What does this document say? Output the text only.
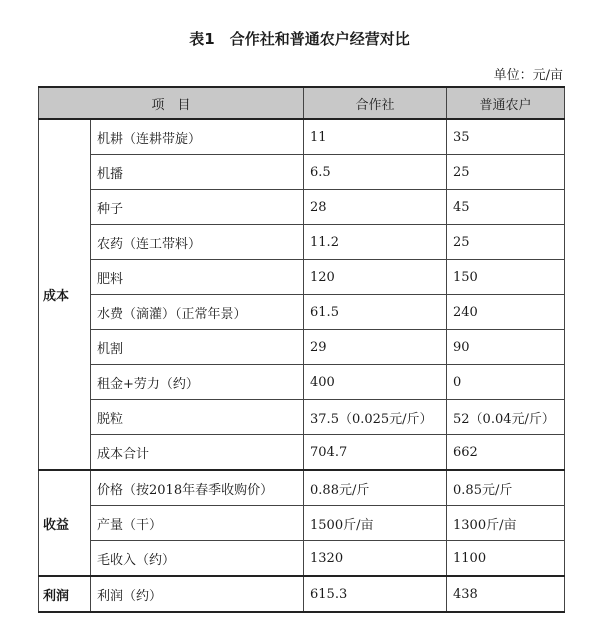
表1　合作社和普通农户经营对比
单位：元/亩
项　目		合作社	普通农户
成本	机耕（连耕带旋）	11	35
	机播	6.5	25
	种子	28	45
	农药（连工带料）	11.2	25
	肥料	120	150
	水费（滴灌）（正常年景）	61.5	240
	机割	29	90
	租金+劳力（约）	400	0
	脱粒	37.5（0.025元/斤）	52（0.04元/斤）
	成本合计	704.7	662
收益	价格（按2018年春季收购价）	0.88元/斤	0.85元/斤
	产量（干）	1500斤/亩	1300斤/亩
	毛收入（约）	1320	1100
利润	利润（约）	615.3	438
